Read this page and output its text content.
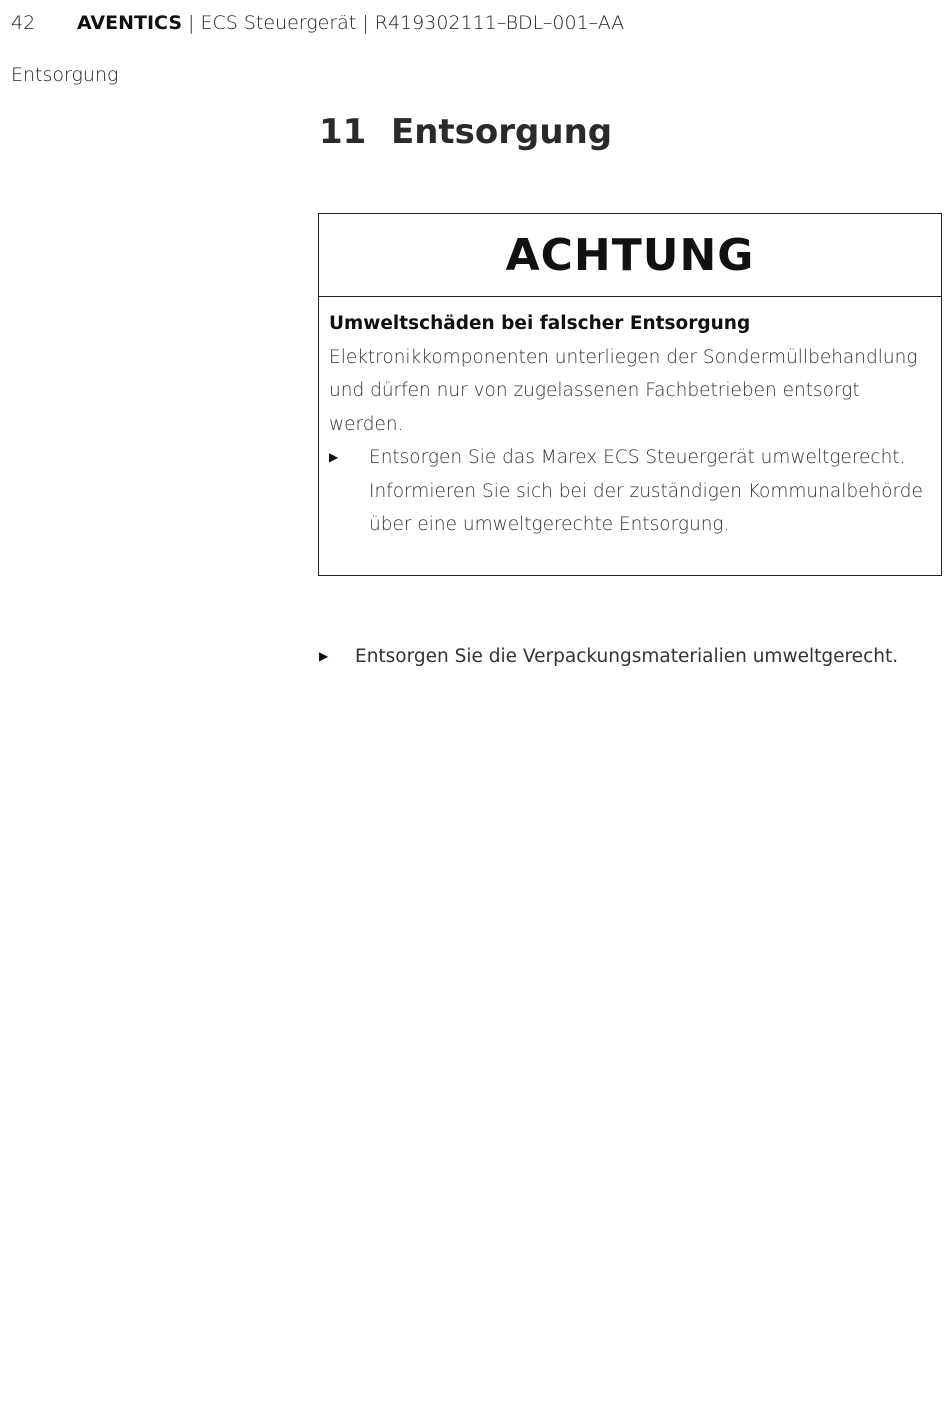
42 AVENTICS | ECS Steuergerät | R419302111–BDL–001–AA
Entsorgung
11 Entsorgung
ACHTUNG
Umweltschäden bei falscher Entsorgung

Elektronikkomponenten unterliegen der Sondermüllbehandlung und dürfen nur von zugelassenen Fachbetrieben entsorgt werden.

▶	Entsorgen Sie das Marex ECS Steuergerät umweltgerecht. Informieren Sie sich bei der zuständigen Kommunalbehörde über eine umweltgerechte Entsorgung.
▶	Entsorgen Sie die Verpackungsmaterialien umweltgerecht.
